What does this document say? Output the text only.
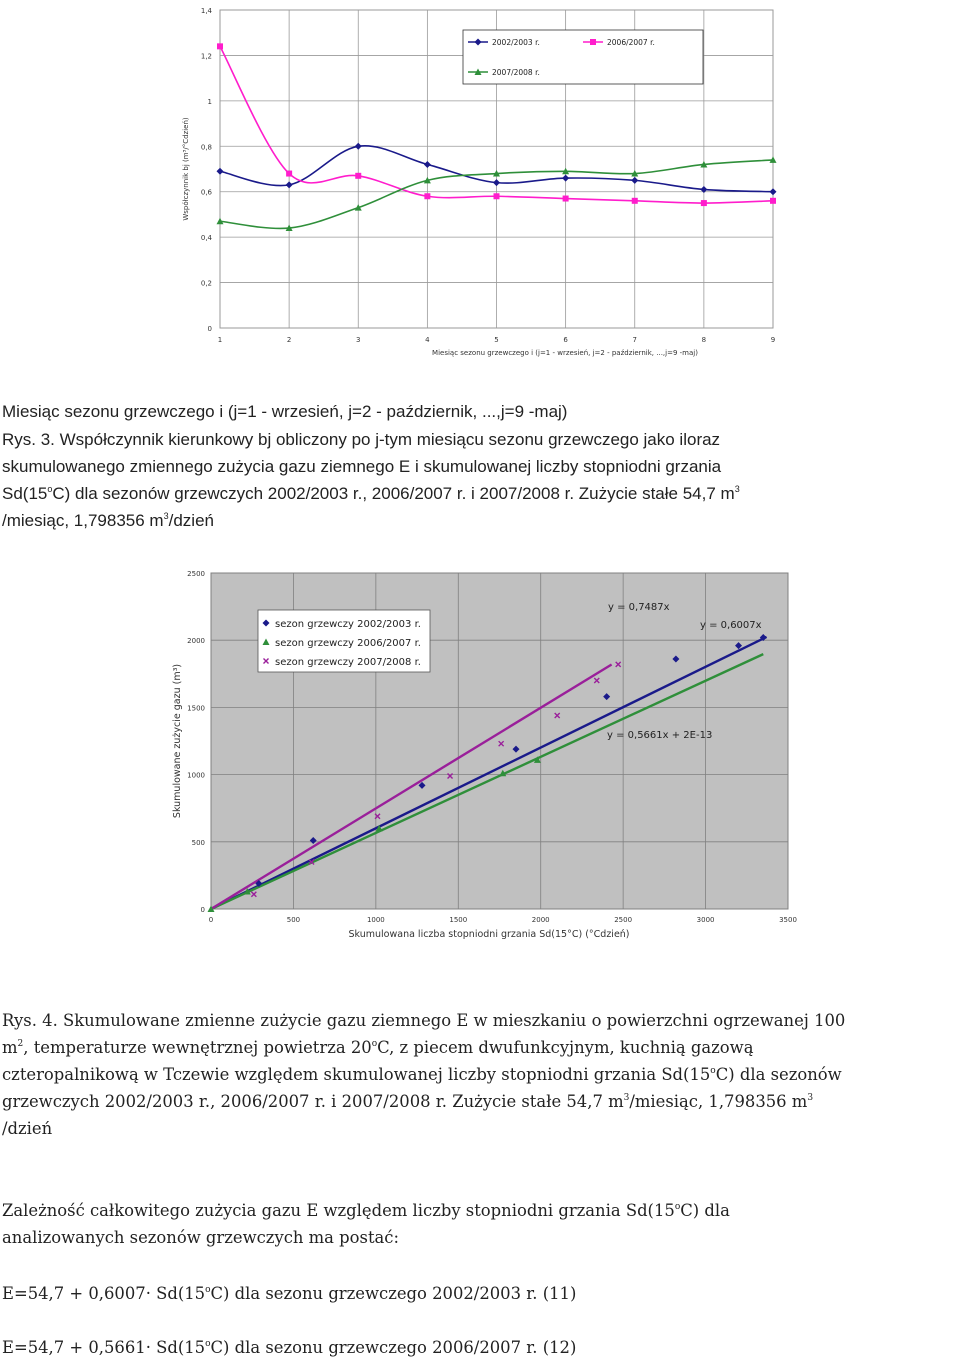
0
0,2
0,4
0,6
0,8
1
1,2
1,4
1	2	3	4	5	6	7	8	9
Współczynnik bj (m³/°Cdzień)
Miesiąc sezonu grzewczego i (j=1 - wrzesień, j=2 - październik, ...,j=9 -maj)
2002/2003 r.	2006/2007 r.
2007/2008 r.

Miesiąc sezonu grzewczego i (j=1 - wrzesień, j=2 - październik, ...,j=9 -maj)

Rys. 3. Współczynnik kierunkowy bj obliczony po j-tym miesiącu sezonu grzewczego jako iloraz
skumulowanego zmiennego zużycia gazu ziemnego E i skumulowanej liczby stopniodni grzania
Sd(15$^o$C) dla sezonów grzewczych 2002/2003 r., 2006/2007 r. i 2007/2008 r. Zużycie stałe 54,7 $m^3$
/miesiąc, 1,798356 $m^3$/dzień

0
500
1000
1500
2000
2500
0	500	1000	1500	2000	2500	3000	3500
Skumulowane zużycie gazu (m³)
Skumulowana liczba stopniodni grzania Sd(15°C) (°Cdzień)
y = 0,6007x
y = 0,5661x + 2E-13
y = 0,7487x
sezon grzewczy 2002/2003 r.
sezon grzewczy 2006/2007 r.
sezon grzewczy 2007/2008 r.

Rys. 4. Skumulowane zmienne zużycie gazu ziemnego E w mieszkaniu o powierzchni ogrzewanej 100
$m^2$, temperaturze wewnętrznej powietrza 20$^o$C, z piecem dwufunkcyjnym, kuchnią gazową
czteropalnikową w Tczewie względem skumulowanej liczby stopniodni grzania Sd(15$^o$C) dla sezonów
grzewczych 2002/2003 r., 2006/2007 r. i 2007/2008 r. Zużycie stałe 54,7 $m^3$/miesiąc, 1,798356 $m^3$
/dzień

Zależność całkowitego zużycia gazu E względem liczby stopniodni grzania Sd(15$^o$C) dla
analizowanych sezonów grzewczych ma postać:

$E=54,7 + 0,6007\cdot Sd(15^oC)$ dla sezonu grzewczego 2002/2003 r. (11)

$E=54,7 + 0,5661\cdot Sd(15^oC)$ dla sezonu grzewczego 2006/2007 r. (12)
